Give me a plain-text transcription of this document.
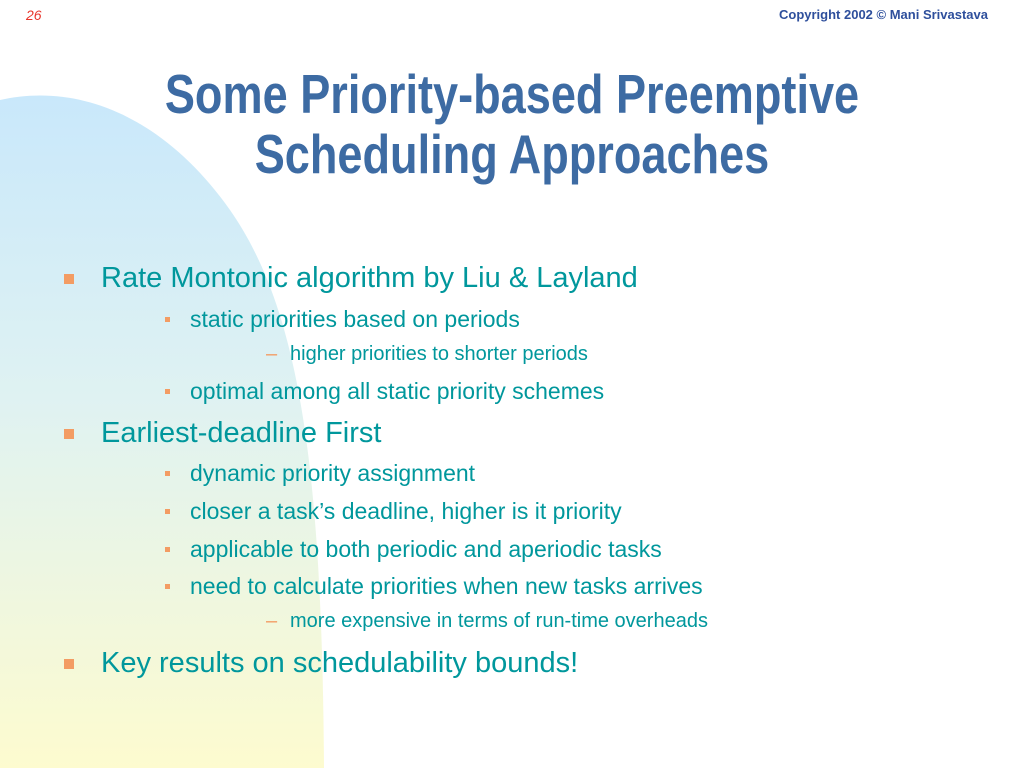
26	Copyright 2002 © Mani Srivastava
Some Priority-based Preemptive
Scheduling Approaches
Rate Montonic algorithm by Liu & Layland
static priorities based on periods
– higher priorities to shorter periods
optimal among all static priority schemes
Earliest-deadline First
dynamic priority assignment
closer a task’s deadline, higher is it priority
applicable to both periodic and aperiodic tasks
need to calculate priorities when new tasks arrives
– more expensive in terms of run-time overheads
Key results on schedulability bounds!
